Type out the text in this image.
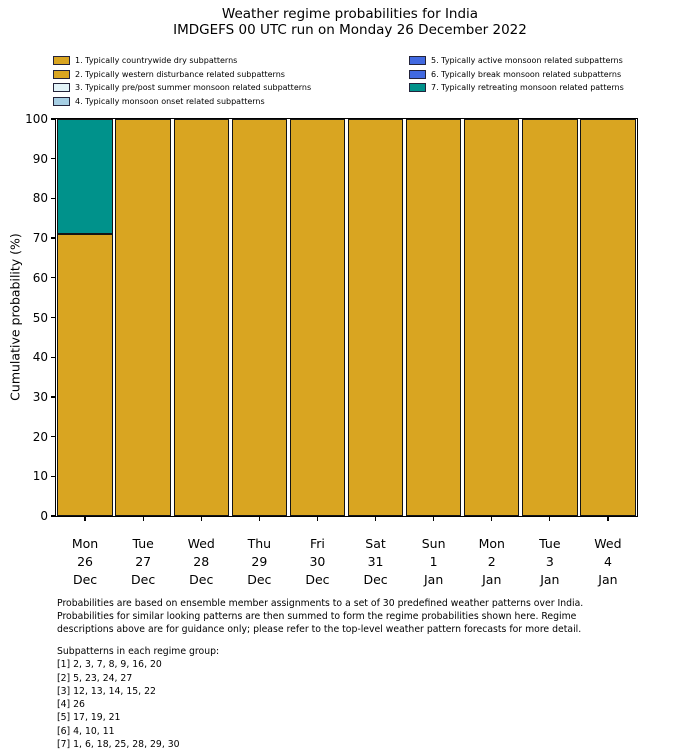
Weather regime probabilities for India
IMDGEFS 00 UTC run on Monday 26 December 2022
1. Typically countrywide dry subpatterns
2. Typically western disturbance related subpatterns
3. Typically pre/post summer monsoon related subpatterns
4. Typically monsoon onset related subpatterns
5. Typically active monsoon related subpatterns
6. Typically break monsoon related subpatterns
7. Typically retreating monsoon related patterns
Cumulative probability (%)
0
10
20
30
40
50
60
70
80
90
100
Mon
26
Dec
Tue
27
Dec
Wed
28
Dec
Thu
29
Dec
Fri
30
Dec
Sat
31
Dec
Sun
1
Jan
Mon
2
Jan
Tue
3
Jan
Wed
4
Jan
Probabilities are based on ensemble member assignments to a set of 30 predefined weather patterns over India.
Probabilities for similar looking patterns are then summed to form the regime probabilities shown here. Regime
descriptions above are for guidance only; please refer to the top-level weather pattern forecasts for more detail.
Subpatterns in each regime group:
[1] 2, 3, 7, 8, 9, 16, 20
[2] 5, 23, 24, 27
[3] 12, 13, 14, 15, 22
[4] 26
[5] 17, 19, 21
[6] 4, 10, 11
[7] 1, 6, 18, 25, 28, 29, 30
